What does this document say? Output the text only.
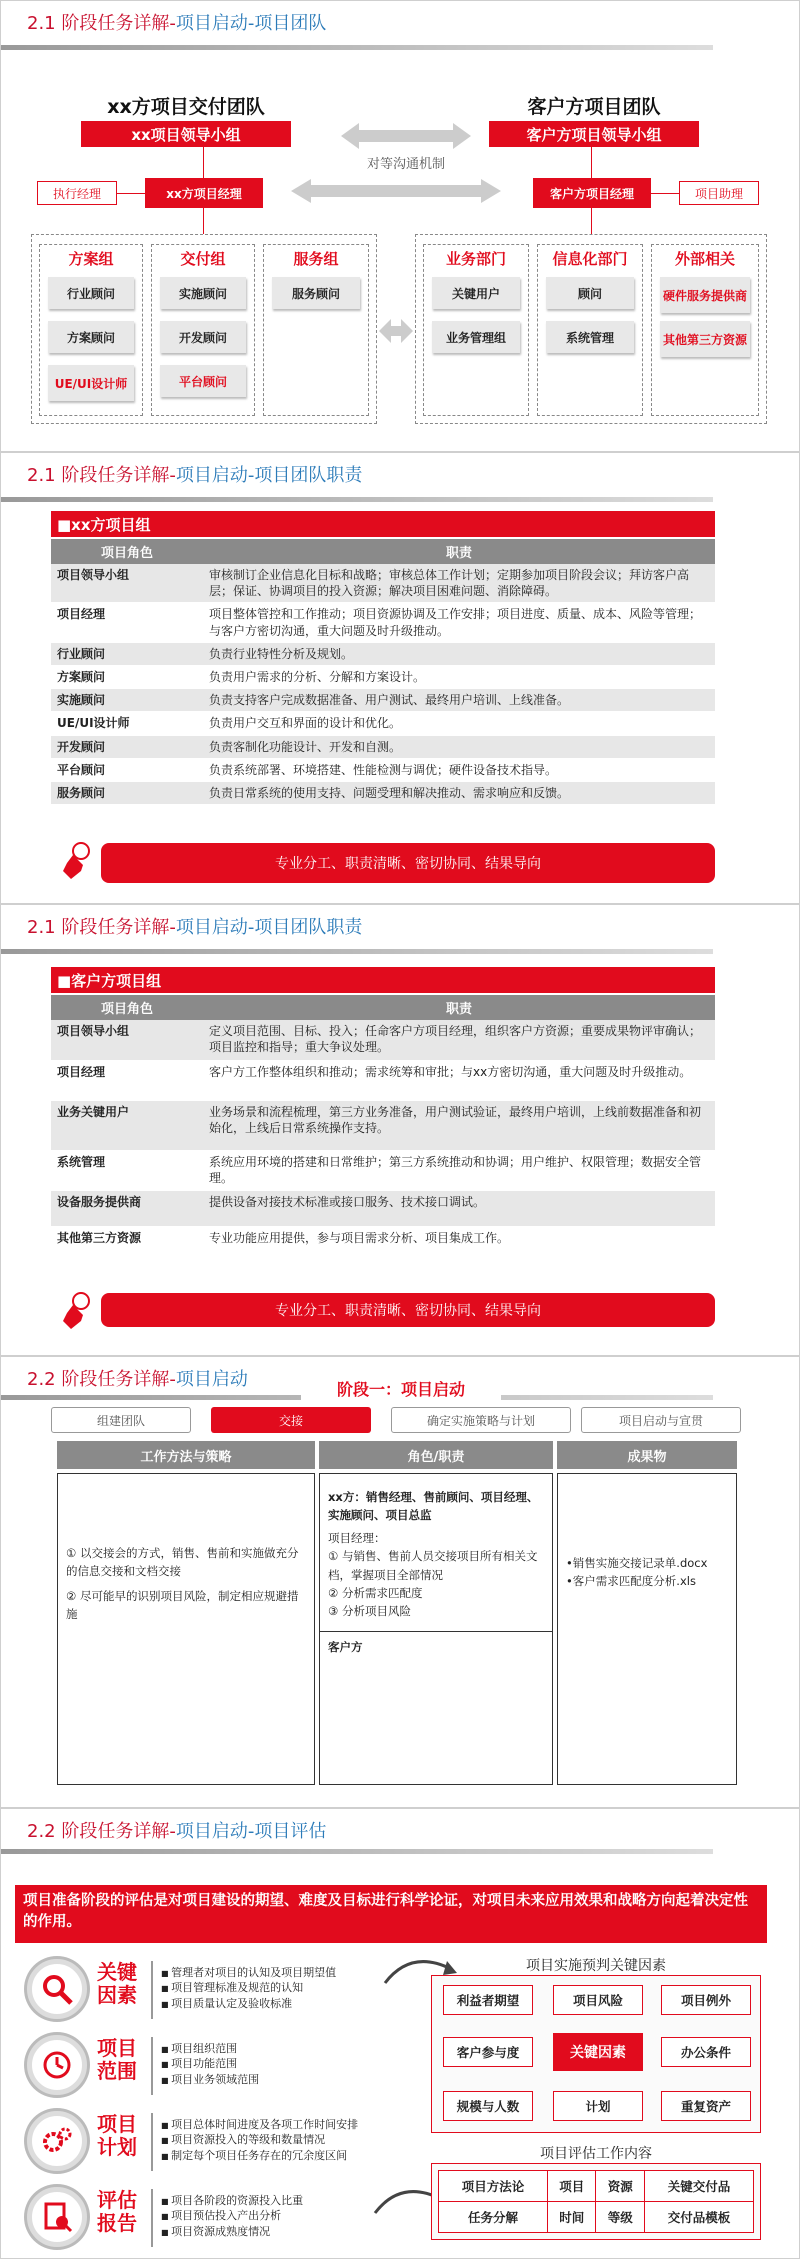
2.1 阶段任务详解-项目启动-项目团队
xx方项目交付团队
xx项目领导小组
客户方项目团队
客户方项目领导小组
对等沟通机制
执行经理	xx方项目经理	客户方项目经理	项目助理
方案组
行业顾问
方案顾问
UE/UI设计师
交付组
实施顾问
开发顾问
平台顾问
服务组
服务顾问
业务部门
关键用户
业务管理组
信息化部门
顾问
系统管理
外部相关
硬件服务提供商
其他第三方资源
2.1 阶段任务详解-项目启动-项目团队职责
■xx方项目组
项目角色	职责
项目领导小组	审核制订企业信息化目标和战略；审核总体工作计划；定期参加项目阶段会议；拜访客户高层；保证、协调项目的投入资源；解决项目困难问题、消除障碍。
项目经理	项目整体管控和工作推动；项目资源协调及工作安排；项目进度、质量、成本、风险等管理；与客户方密切沟通，重大问题及时升级推动。
行业顾问	负责行业特性分析及规划。
方案顾问	负责用户需求的分析、分解和方案设计。
实施顾问	负责支持客户完成数据准备、用户测试、最终用户培训、上线准备。
UE/UI设计师	负责用户交互和界面的设计和优化。
开发顾问	负责客制化功能设计、开发和自测。
平台顾问	负责系统部署、环境搭建、性能检测与调优；硬件设备技术指导。
服务顾问	负责日常系统的使用支持、问题受理和解决推动、需求响应和反馈。
专业分工、职责清晰、密切协同、结果导向
2.1 阶段任务详解-项目启动-项目团队职责
■客户方项目组
项目角色	职责
项目领导小组	定义项目范围、目标、投入；任命客户方项目经理，组织客户方资源；重要成果物评审确认；项目监控和指导；重大争议处理。
项目经理	客户方工作整体组织和推动；需求统筹和审批；与xx方密切沟通，重大问题及时升级推动。
业务关键用户	业务场景和流程梳理，第三方业务准备，用户测试验证，最终用户培训，上线前数据准备和初始化，上线后日常系统操作支持。
系统管理	系统应用环境的搭建和日常维护；第三方系统推动和协调；用户维护、权限管理；数据安全管理。
设备服务提供商	提供设备对接技术标准或接口服务、技术接口调试。
其他第三方资源	专业功能应用提供，参与项目需求分析、项目集成工作。
专业分工、职责清晰、密切协同、结果导向
2.2 阶段任务详解-项目启动	阶段一：项目启动
组建团队	交接	确定实施策略与计划	项目启动与宣贯
工作方法与策略	角色/职责	成果物
① 以交接会的方式，销售、售前和实施做充分的信息交接和文档交接
② 尽可能早的识别项目风险，制定相应规避措施
xx方：销售经理、售前顾问、项目经理、实施顾问、项目总监
项目经理：
① 与销售、售前人员交接项目所有相关文档，掌握项目全部情况
② 分析需求匹配度
③ 分析项目风险
客户方
•销售实施交接记录单.docx
•客户需求匹配度分析.xls
2.2 阶段任务详解-项目启动-项目评估
项目准备阶段的评估是对项目建设的期望、难度及目标进行科学论证，对项目未来应用效果和战略方向起着决定性的作用。
关键
因素
■ 管理者对项目的认知及项目期望值
■ 项目管理标准及规范的认知
■ 项目质量认定及验收标准
项目
范围
■ 项目组织范围
■ 项目功能范围
■ 项目业务领域范围
项目
计划
■ 项目总体时间进度及各项工作时间安排
■ 项目资源投入的等级和数量情况
■ 制定每个项目任务存在的冗余度区间
评估
报告
■ 项目各阶段的资源投入比重
■ 项目预估投入产出分析
■ 项目资源成熟度情况
项目实施预判关键因素
利益者期望	项目风险	项目例外
客户参与度	关键因素	办公条件
规模与人数	计划	重复资产
项目评估工作内容
项目方法论	项目	资源	关键交付品
任务分解	时间	等级	交付品模板
